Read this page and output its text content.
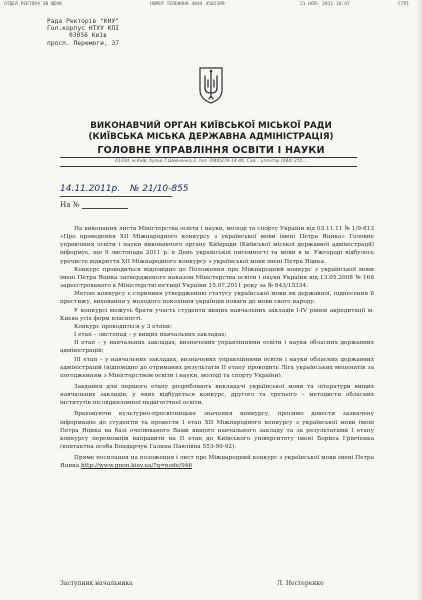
ОТДЕЛ РЕКТОРА ЗВ ЩЕНК	НОМЕР ТЕЛЕФОНА 4044 4502399	21 НОЯ. 2011 16:47	СТР1
Рада Ректорів "КНУ"
Гол.корпус НТУУ КПІ
03056 Київ
просп. Перемоги, 37
ВИКОНАВЧИЙ ОРГАН КИЇВСЬКОЇ МІСЬКОЇ РАДИ
(КИЇВСЬКА МІСЬКА ДЕРЖАВНА АДМІНІСТРАЦІЯ)
ГОЛОВНЕ УПРАВЛІННЯ ОСВІТИ І НАУКИ
01034, м.Київ, бульв.Т.Шевченка,3, тел. (044)279-14-46, Сай... уплчтау (044) 255...
14.11.2011р. № 21/10-855
На №

На виконання листа Міністерства освіти і науки, молоді та спорту України від 03.11.11 № 1/9-813 «Про проведення ХІІ Міжнародного конкурсу з української мови імені Петра Яцика» Головне управління освіти і науки виконавчого органу Київради (Київської міської державної адміністрації) інформує, що 9 листопада 2011 р. в День української писемності та мови в м. Ужгороді відбулось урочисте відкриття ХІІ Міжнародного конкурсу з української мови імені Петра Яцика.

Конкурс проводиться відповідно до Положення про Міжнародний конкурс з української мови імені Петра Яцика затвердженого наказом Міністерства освіти і науки України від 13.05.2008 № 168 зареєстрованого в Міністерстві юстиції України 15.07.2011 року за № 643/15334.

Метою конкурсу є сприяння утвердженню статусу української мови як державної, піднесення її престижу, виховання у молодого покоління українців поваги до мови свого народу.

У конкурсі можуть брати участь студенти вищих навчальних закладів І-ІV рівнів акредитації м. Києва усіх форм власності.

Конкурс проводиться у 3 етапи:

І етап – листопад – у вищих навчальних закладах;

ІІ етап – у навчальних закладах, визначених управліннями освіти і науки обласних державних адміністрацій;

ІІІ етап – у навчальних закладах, визначених управліннями освіти і науки обласних державних адміністрацій (відповідно до отриманих результатів ІІ етапу проводить Ліга українських меценатів за погодженням з Міністерством освіти і науки, молоді та спорту України).

Завдання для першого етапу розробляють викладачі української мови та літератури вищих навчальних закладів, у яких відбудеться конкурс, другого та третього – методисти обласних інститутів післядипломної педагогічної освіти.

Враховуючи культурно-просвітницьке значення конкурсу, просимо довести зазначену інформацію до студентів та провести І етап ХІІ Міжнародного конкурсу з української мови імені Петра Яцика на базі очолюваного Вами вищого навчального закладу та за результатами І етапу конкурсу переможців направити на ІІ етап до Київського університету імені Бориса Грінченка (контактна особа Бондарчук Галина Павлівна 553-99-92).

Пряме посилання на положення і лист про Міжнародний конкурс з української мови імені Петра Яцика http://www.gnon.kiev.ua/?q=node/946

Заступник начальника	Л. Нестеренко
